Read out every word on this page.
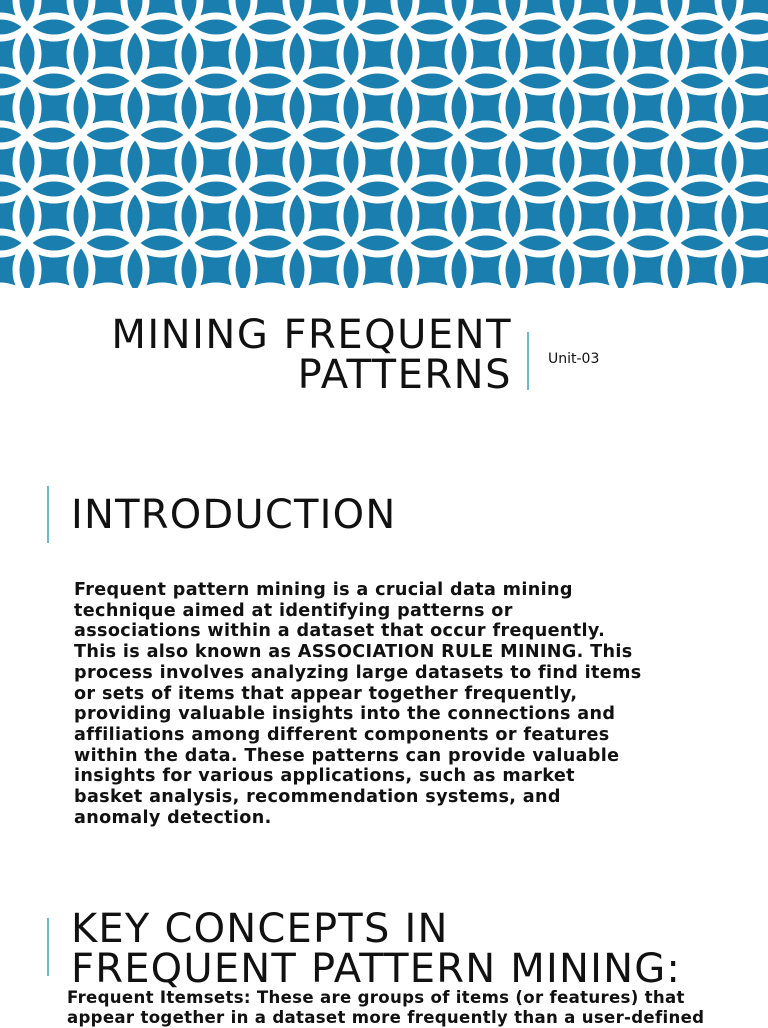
MINING FREQUENT
PATTERNS	Unit-03
INTRODUCTION
Frequent pattern mining is a crucial data mining
technique aimed at identifying patterns or
associations within a dataset that occur frequently.
This is also known as ASSOCIATION RULE MINING. This
process involves analyzing large datasets to find items
or sets of items that appear together frequently,
providing valuable insights into the connections and
affiliations among different components or features
within the data. These patterns can provide valuable
insights for various applications, such as market
basket analysis, recommendation systems, and
anomaly detection.
KEY CONCEPTS IN
FREQUENT PATTERN MINING:
Frequent Itemsets: These are groups of items (or features) that
appear together in a dataset more frequently than a user-defined
